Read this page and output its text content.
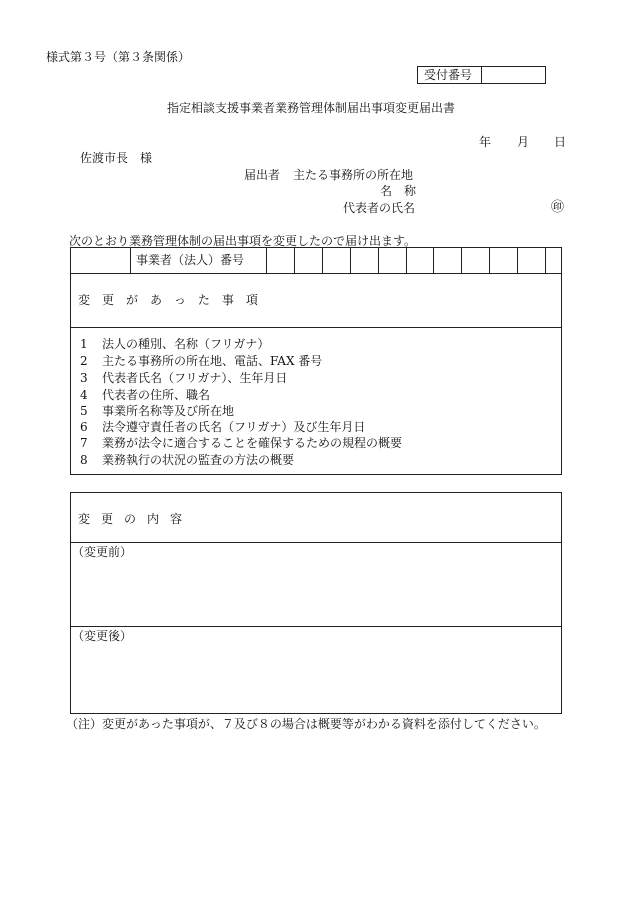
様式第３号（第３条関係）
受付番号
指定相談支援事業者業務管理体制届出事項変更届出書
年 月 日
佐渡市長　様
届出者 主たる事務所の所在地
名　称
代表者の氏名	㊞
次のとおり業務管理体制の届出事項を変更したので届け出ます。
事業者（法人）番号
変更があった事項
1 法人の種別、名称（フリガナ）
2 主たる事務所の所在地、電話、FAX 番号
3 代表者氏名（フリガナ）、生年月日
4 代表者の住所、職名
5 事業所名称等及び所在地
6 法令遵守責任者の氏名（フリガナ）及び生年月日
7 業務が法令に適合することを確保するための規程の概要
8 業務執行の状況の監査の方法の概要
変更の内容
（変更前）
（変更後）
（注）変更があった事項が、７及び８の場合は概要等がわかる資料を添付してください。
